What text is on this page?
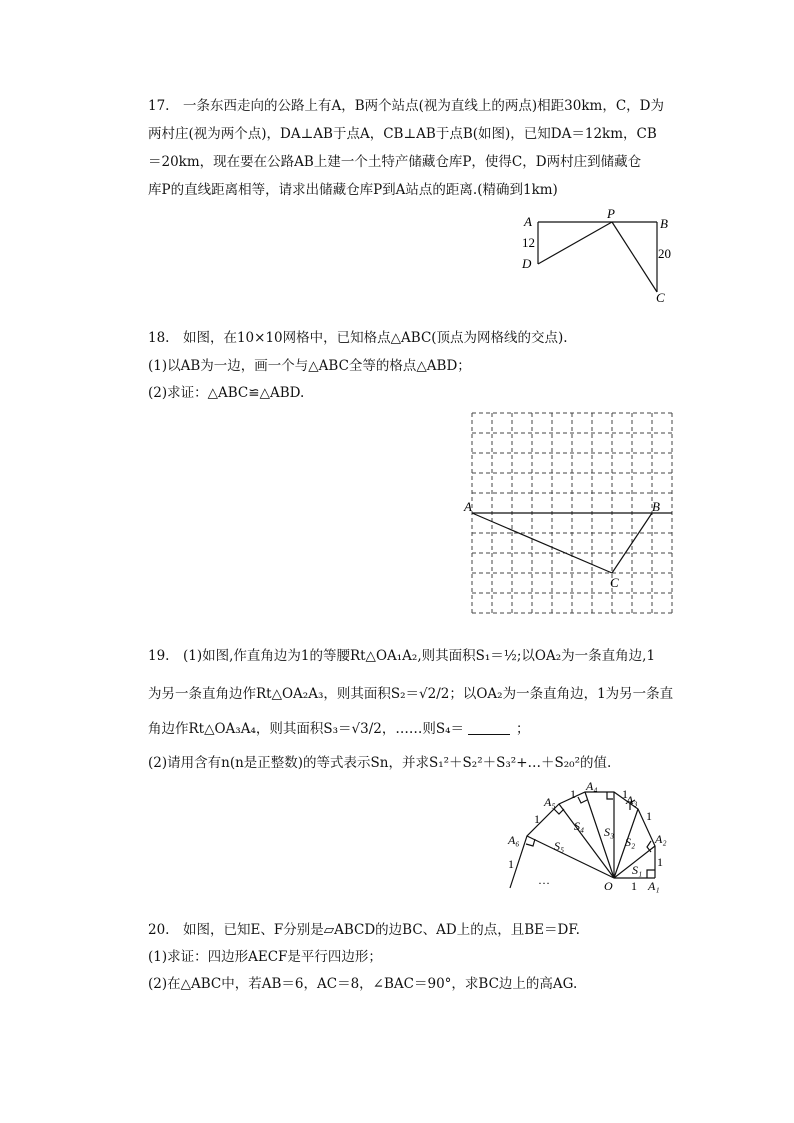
17.　一条东西走向的公路上有A，B两个站点(视为直线上的两点)相距30km，C，D为
两村庄(视为两个点)，DA⊥AB于点A，CB⊥AB于点B(如图)，已知DA＝12km，CB
＝20km，现在要在公路AB上建一个土特产储藏仓库P，使得C，D两村庄到储藏仓
库P的直线距离相等，请求出储藏仓库P到A站点的距离.(精确到1km)
A
P
B
D
C
12
20
18.　如图，在10×10网格中，已知格点△ABC(顶点为网格线的交点).
(1)以AB为一边，画一个与△ABC全等的格点△ABD；
(2)求证：△ABC≌△ABD.
A	B
C
19.　(1)如图,作直角边为1的等腰Rt△OA₁A₂,则其面积S₁＝½;以OA₂为一条直角边,1
为另一条直角边作Rt△OA₂A₃，则其面积S₂＝√2/2；以OA₂为一条直角边，1为另一条直
角边作Rt△OA₃A₄，则其面积S₃＝√3/2，……则S₄＝	；
(2)请用含有n(n是正整数)的等式表示Sn，并求S₁²＋S₂²＋S₃²+…＋S₂₀²的值.
O	A₁
A₂
A₃
A₄
A₅
A₆
S₁
S₂
S₃
S₄
S₅
1
1
1
1
1
1
1
…
20.　如图，已知E、F分别是▱ABCD的边BC、AD上的点，且BE＝DF.
(1)求证：四边形AECF是平行四边形；
(2)在△ABC中，若AB＝6，AC＝8，∠BAC＝90°，求BC边上的高AG.
